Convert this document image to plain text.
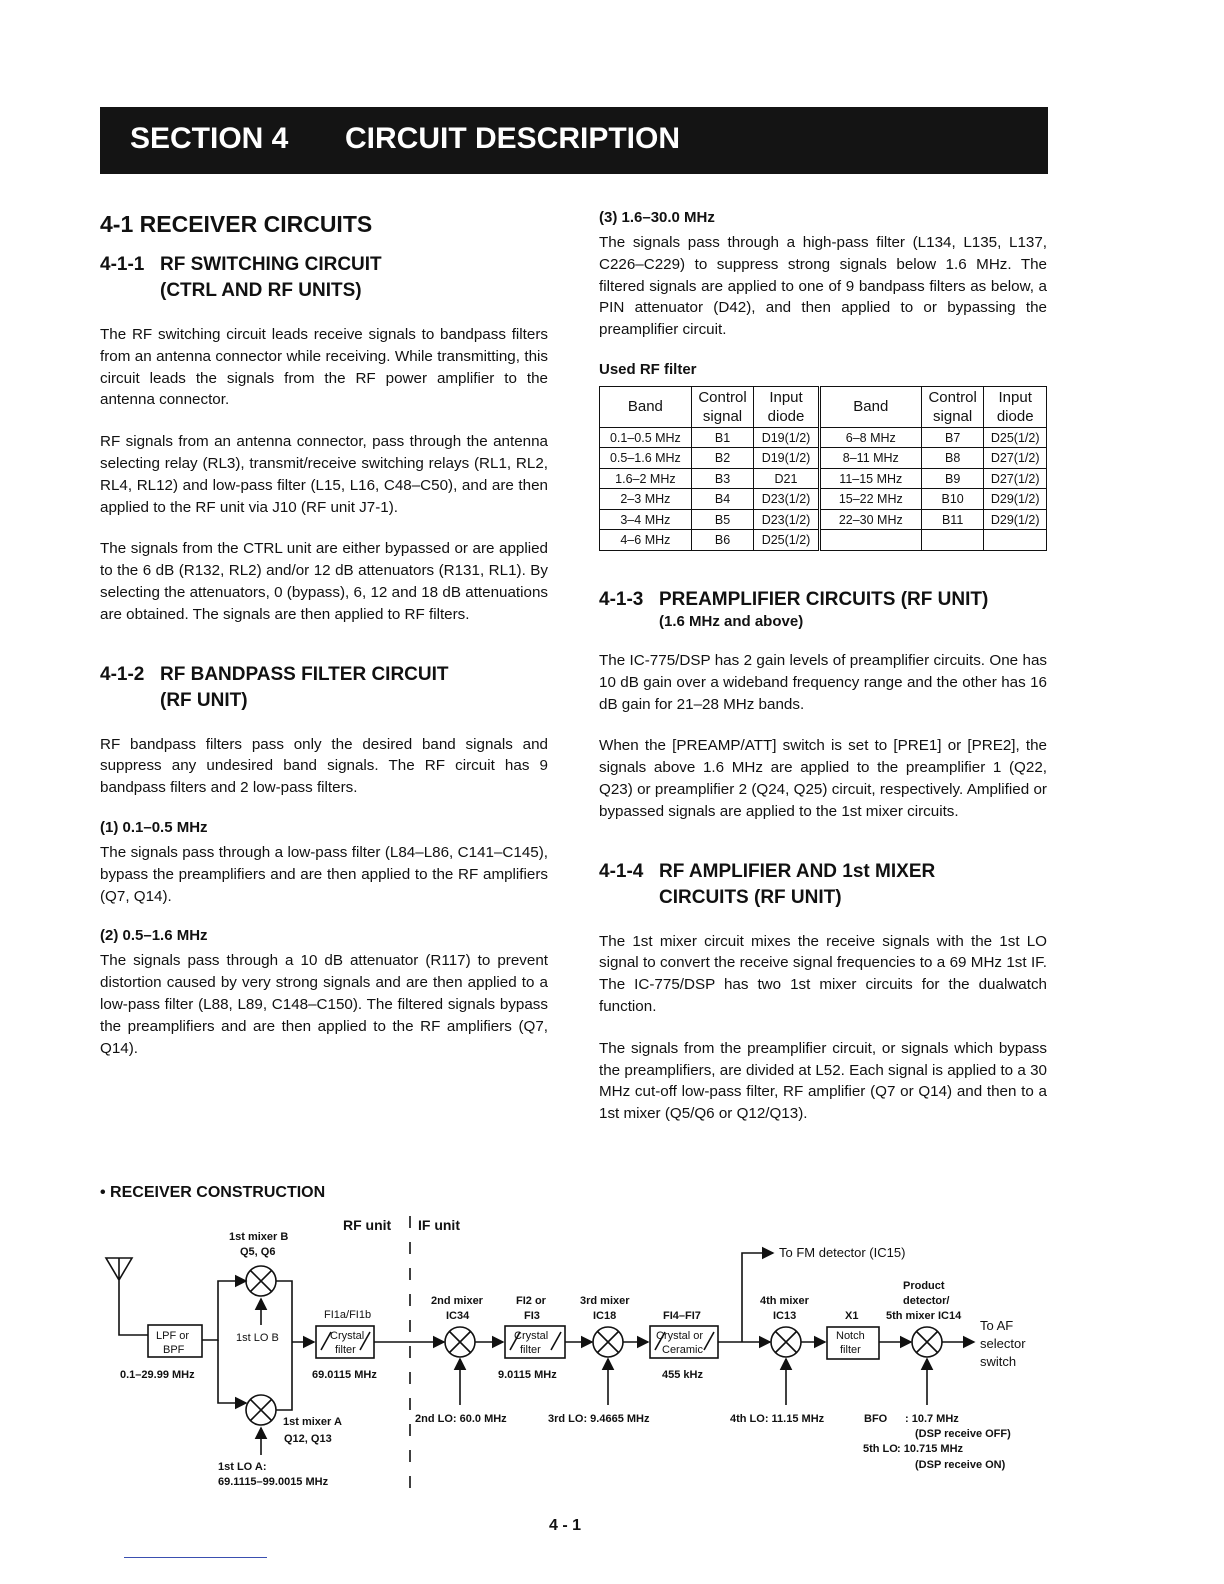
SECTION 4 CIRCUIT DESCRIPTION
4-1 RECEIVER CIRCUITS
4-1-1 RF SWITCHING CIRCUIT
(CTRL AND RF UNITS)

The RF switching circuit leads receive signals to bandpass filters from an antenna connector while receiving. While transmitting, this circuit leads the signals from the RF power amplifier to the antenna connector.

RF signals from an antenna connector, pass through the antenna selecting relay (RL3), transmit/receive switching relays (RL1, RL2, RL4, RL12) and low-pass filter (L15, L16, C48–C50), and are then applied to the RF unit via J10 (RF unit J7-1).

The signals from the CTRL unit are either bypassed or are applied to the 6 dB (R132, RL2) and/or 12 dB attenuators (R131, RL1). By selecting the attenuators, 0 (bypass), 6, 12 and 18 dB attenuations are obtained. The signals are then applied to RF filters.

4-1-2 RF BANDPASS FILTER CIRCUIT
(RF UNIT)

RF bandpass filters pass only the desired band signals and suppress any undesired band signals. The RF circuit has 9 bandpass filters and 2 low-pass filters.

(1) 0.1–0.5 MHz

The signals pass through a low-pass filter (L84–L86, C141–C145), bypass the preamplifiers and are then applied to the RF amplifiers (Q7, Q14).

(2) 0.5–1.6 MHz

The signals pass through a 10 dB attenuator (R117) to prevent distortion caused by very strong signals and are then applied to a low-pass filter (L88, L89, C148–C150). The filtered signals bypass the preamplifiers and are then applied to the RF amplifiers (Q7, Q14).

(3) 1.6–30.0 MHz

The signals pass through a high-pass filter (L134, L135, L137, C226–C229) to suppress strong signals below 1.6 MHz. The filtered signals are applied to one of 9 bandpass filters as below, a PIN attenuator (D42), and then applied to or bypassing the preamplifier circuit.

Used RF filter
Band	Control signal	Input diode	Band	Control signal	Input diode
0.1–0.5 MHz	B1	D19(1/2)	6–8 MHz	B7	D25(1/2)
0.5–1.6 MHz	B2	D19(1/2)	8–11 MHz	B8	D27(1/2)
1.6–2 MHz	B3	D21	11–15 MHz	B9	D27(1/2)
2–3 MHz	B4	D23(1/2)	15–22 MHz	B10	D29(1/2)
3–4 MHz	B5	D23(1/2)	22–30 MHz	B11	D29(1/2)
4–6 MHz	B6	D25(1/2)			
4-1-3 PREAMPLIFIER CIRCUITS (RF UNIT)
(1.6 MHz and above)

The IC-775/DSP has 2 gain levels of preamplifier circuits. One has 10 dB gain over a wideband frequency range and the other has 16 dB gain for 21–28 MHz bands.

When the [PREAMP/ATT] switch is set to [PRE1] or [PRE2], the signals above 1.6 MHz are applied to the preamplifier 1 (Q22, Q23) or preamplifier 2 (Q24, Q25) circuit, respectively. Amplified or bypassed signals are applied to the 1st mixer circuits.

4-1-4 RF AMPLIFIER AND 1st MIXER
CIRCUITS (RF UNIT)

The 1st mixer circuit mixes the receive signals with the 1st LO signal to convert the receive signal frequencies to a 69 MHz 1st IF. The IC-775/DSP has two 1st mixer circuits for the dualwatch function.

The signals from the preamplifier circuit, or signals which bypass the preamplifiers, are divided at L52. Each signal is applied to a 30 MHz cut-off low-pass filter, RF amplifier (Q7 or Q14) and then to a 1st mixer (Q5/Q6 or Q12/Q13).

• RECEIVER CONSTRUCTION
RF unit IF unit
1st mixer B
Q5, Q6
LPF or
BPF
0.1–29.99 MHz
1st LO B
FI1a/FI1b
Crystal
filter
69.0115 MHz
1st mixer A
Q12, Q13
1st LO A:
69.1115–99.0015 MHz
2nd mixer
IC34
FI2 or
FI3
Crystal
filter
9.0115 MHz
3rd mixer
IC18	FI4–FI7
Crystal or
Ceramic
455 kHz
To FM detector (IC15)
4th mixer
IC13	X1
Notch
filter
Product
detector/
5th mixer IC14
To AF
selector
switch
2nd LO: 60.0 MHz	3rd LO: 9.4665 MHz	4th LO: 11.15 MHz	BFO : 10.7 MHz
(DSP receive OFF)
5th LO : 10.715 MHz
(DSP receive ON)
4 - 1
